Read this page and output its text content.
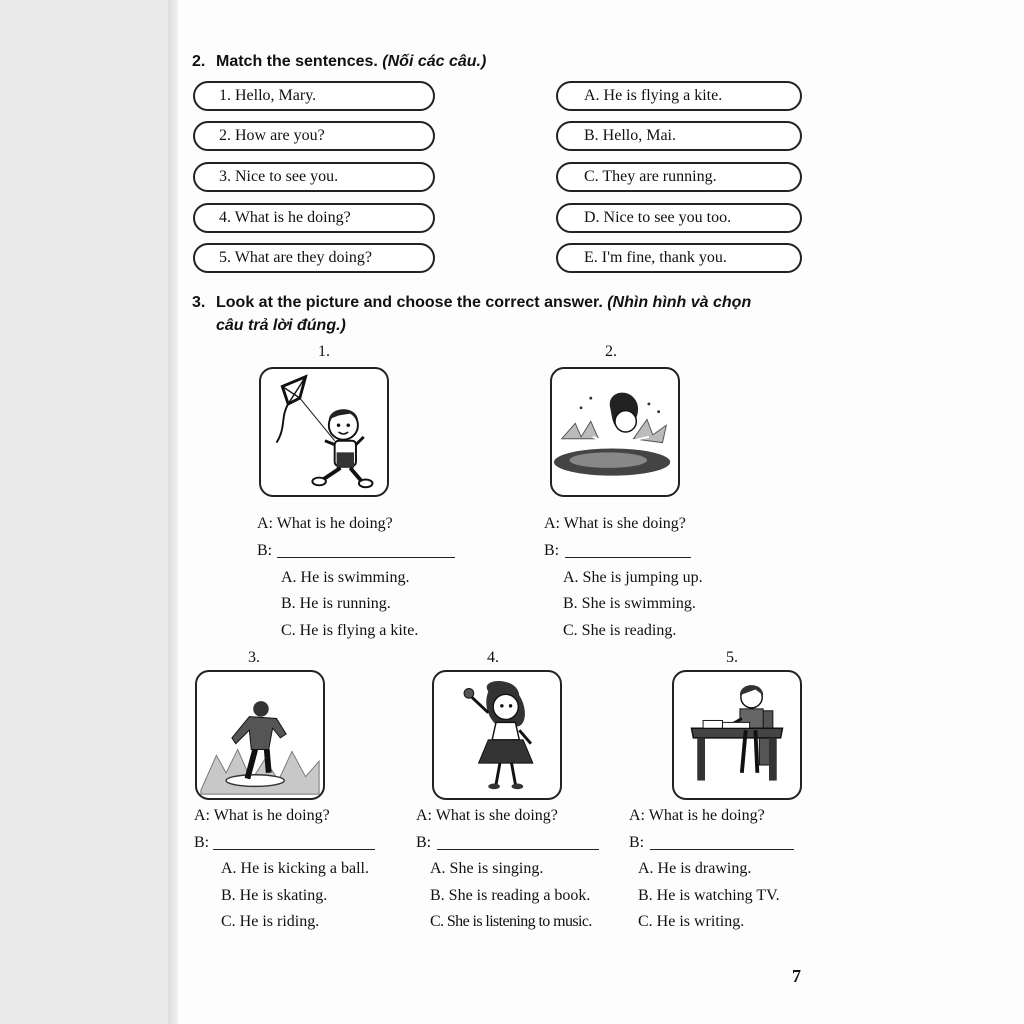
2. Match the sentences. (Nối các câu.)
1. Hello, Mary.
2. How are you?
3. Nice to see you.
4. What is he doing?
5. What are they doing?
A. He is flying a kite.
B. Hello, Mai.
C. They are running.
D. Nice to see you too.
E. I'm fine, thank you.
3. Look at the picture and choose the correct answer. (Nhìn hình và chọn
câu trả lời đúng.)
1.
A: What is he doing?
B:
A. He is swimming.
B. He is running.
C. He is flying a kite.
2.
A: What is she doing?
B:
A. She is jumping up.
B. She is swimming.
C. She is reading.
3.
A: What is he doing?
B:
A. He is kicking a ball.
B. He is skating.
C. He is riding.
4.
A: What is she doing?
B:
A. She is singing.
B. She is reading a book.
C. She is listening to music.
5.
A: What is he doing?
B:
A. He is drawing.
B. He is watching TV.
C. He is writing.
7
